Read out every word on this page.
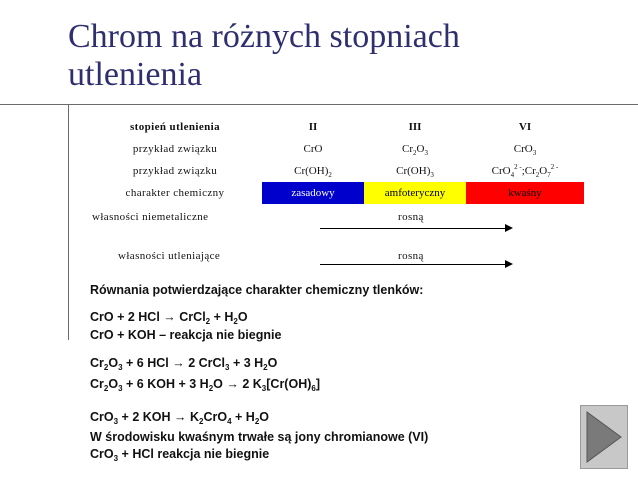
Chrom na różnych stopniach utlenienia
stopień utlenienia	II	III	VI
przykład związku	CrO	$Cr_2O_3$	CrO$_3$
przykład związku	$Cr(OH)_2$	$Cr(OH)_3$	$CrO_4^{2 -};Cr_2O_7^{2 -}$
charakter chemiczny	zasadowy	amfoteryczny	kwaśny
własności niemetaliczne	rosną
własności utleniające	rosną
Równania potwierdzające charakter chemiczny tlenków:
CrO + 2 HCl → CrCl$_2$ + $H_2O$
CrO + KOH – reakcja nie biegnie
$Cr_2O_3 + 6$ HCl → 2 CrCl$_3$ + 3 $H_2O$
$Cr_2O_3 + 6$ KOH + 3 $H_2O \to 2$ $K_3[Cr(OH)_6]$
CrO$_3$ + 2 KOH → $K_2CrO_4 + H_2O$
W środowisku kwaśnym trwałe są jony chromianowe (VI)
CrO$_3$ + HCl reakcja nie biegnie
